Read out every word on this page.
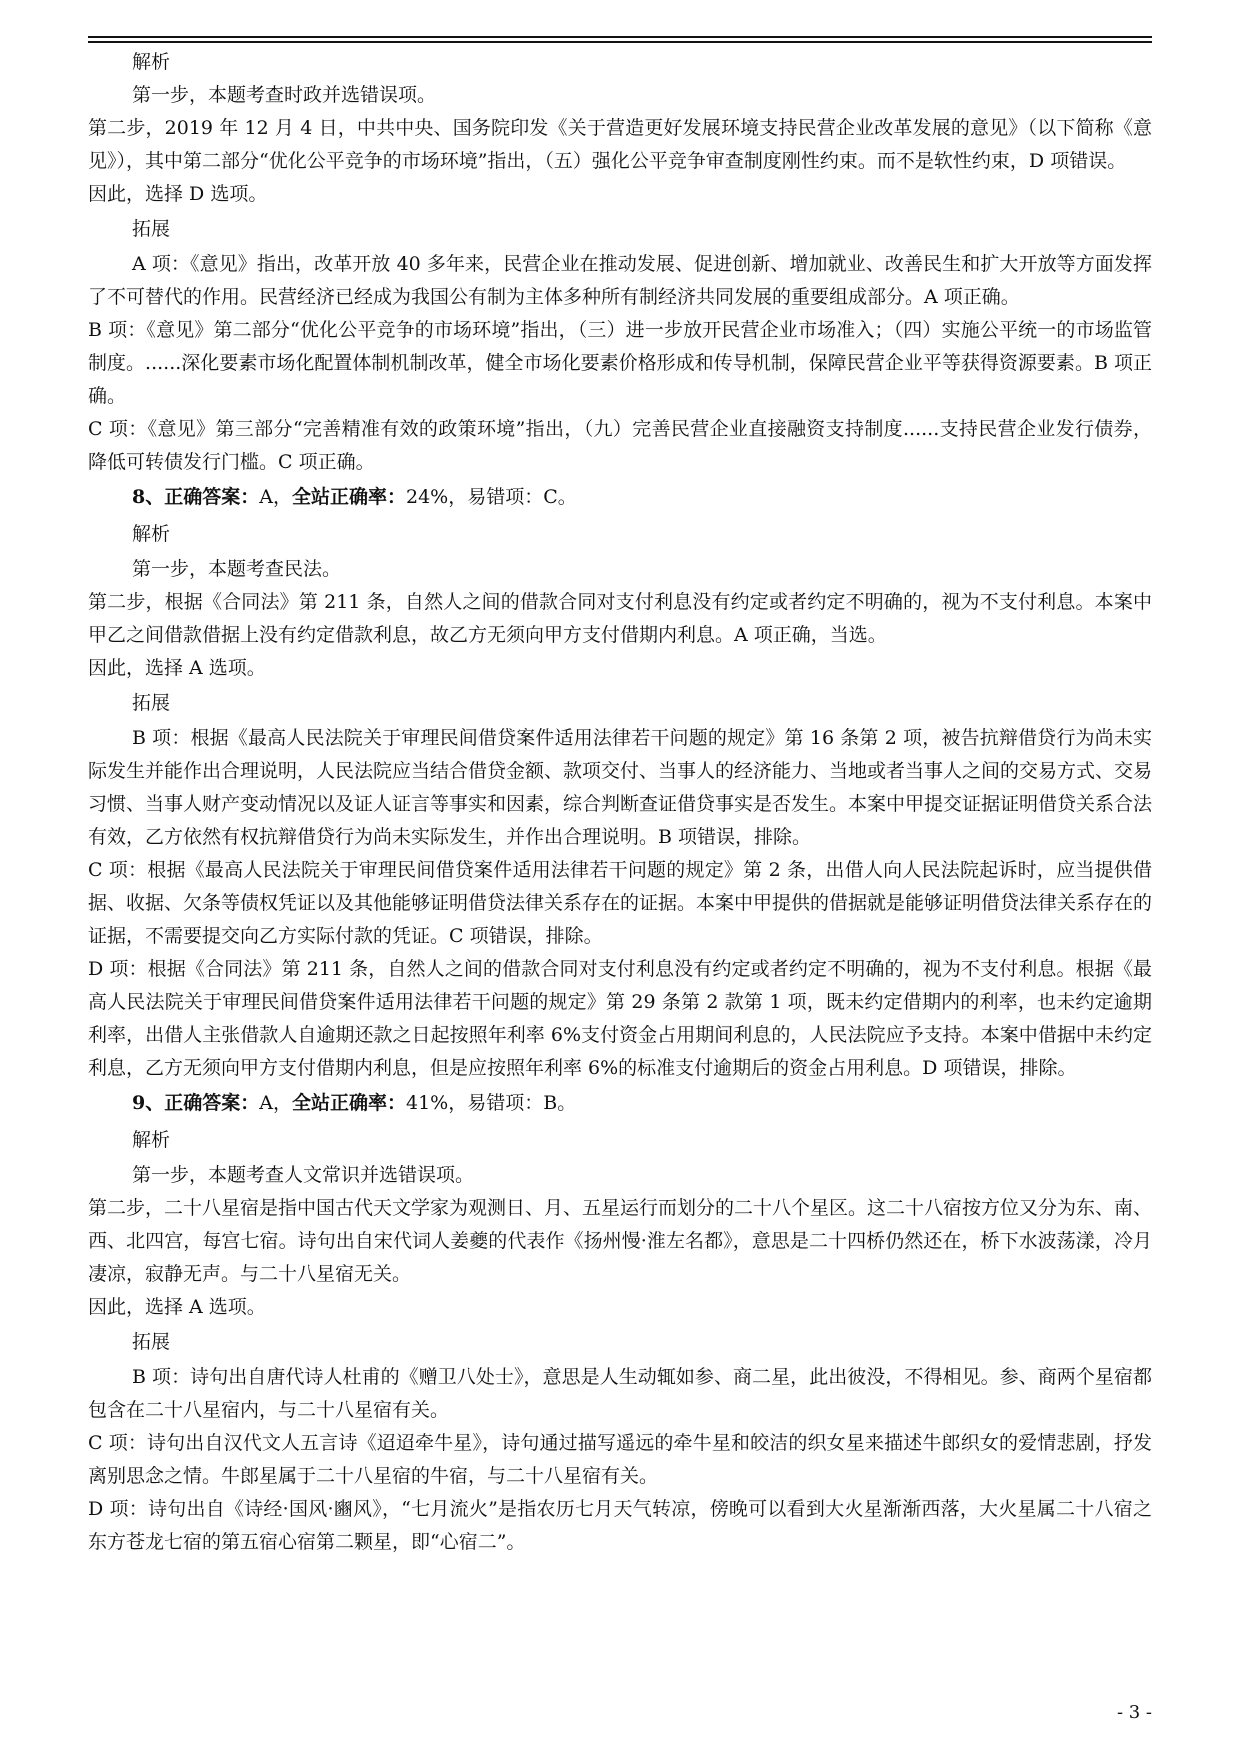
解析

第一步，本题考查时政并选错误项。

第二步，2019 年 12 月 4 日，中共中央、国务院印发《关于营造更好发展环境支持民营企业改革发展的意见》（以下简称《意见》），其中第二部分“优化公平竞争的市场环境”指出，（五）强化公平竞争审查制度刚性约束。而不是软性约束，D 项错误。

因此，选择 D 选项。

拓展

A 项：《意见》指出，改革开放 40 多年来，民营企业在推动发展、促进创新、增加就业、改善民生和扩大开放等方面发挥了不可替代的作用。民营经济已经成为我国公有制为主体多种所有制经济共同发展的重要组成部分。A 项正确。

B 项：《意见》第二部分“优化公平竞争的市场环境”指出，（三）进一步放开民营企业市场准入；（四）实施公平统一的市场监管制度。......深化要素市场化配置体制机制改革，健全市场化要素价格形成和传导机制，保障民营企业平等获得资源要素。B 项正确。

C 项：《意见》第三部分“完善精准有效的政策环境”指出，（九）完善民营企业直接融资支持制度......支持民营企业发行债券，降低可转债发行门槛。C 项正确。

8、正确答案：A，全站正确率：24%，易错项：C。

解析

第一步，本题考查民法。

第二步，根据《合同法》第 211 条，自然人之间的借款合同对支付利息没有约定或者约定不明确的，视为不支付利息。本案中甲乙之间借款借据上没有约定借款利息，故乙方无须向甲方支付借期内利息。A 项正确，当选。

因此，选择 A 选项。

拓展

B 项：根据《最高人民法院关于审理民间借贷案件适用法律若干问题的规定》第 16 条第 2 项，被告抗辩借贷行为尚未实际发生并能作出合理说明，人民法院应当结合借贷金额、款项交付、当事人的经济能力、当地或者当事人之间的交易方式、交易习惯、当事人财产变动情况以及证人证言等事实和因素，综合判断查证借贷事实是否发生。本案中甲提交证据证明借贷关系合法有效，乙方依然有权抗辩借贷行为尚未实际发生，并作出合理说明。B 项错误，排除。

C 项：根据《最高人民法院关于审理民间借贷案件适用法律若干问题的规定》第 2 条，出借人向人民法院起诉时，应当提供借据、收据、欠条等债权凭证以及其他能够证明借贷法律关系存在的证据。本案中甲提供的借据就是能够证明借贷法律关系存在的证据，不需要提交向乙方实际付款的凭证。C 项错误，排除。

D 项：根据《合同法》第 211 条，自然人之间的借款合同对支付利息没有约定或者约定不明确的，视为不支付利息。根据《最高人民法院关于审理民间借贷案件适用法律若干问题的规定》第 29 条第 2 款第 1 项，既未约定借期内的利率，也未约定逾期利率，出借人主张借款人自逾期还款之日起按照年利率 6%支付资金占用期间利息的，人民法院应予支持。本案中借据中未约定利息，乙方无须向甲方支付借期内利息，但是应按照年利率 6%的标准支付逾期后的资金占用利息。D 项错误，排除。

9、正确答案：A，全站正确率：41%，易错项：B。

解析

第一步，本题考查人文常识并选错误项。

第二步，二十八星宿是指中国古代天文学家为观测日、月、五星运行而划分的二十八个星区。这二十八宿按方位又分为东、南、西、北四宫，每宫七宿。诗句出自宋代词人姜夔的代表作《扬州慢·淮左名都》，意思是二十四桥仍然还在，桥下水波荡漾，冷月凄凉，寂静无声。与二十八星宿无关。

因此，选择 A 选项。

拓展

B 项：诗句出自唐代诗人杜甫的《赠卫八处士》，意思是人生动辄如参、商二星，此出彼没，不得相见。参、商两个星宿都包含在二十八星宿内，与二十八星宿有关。

C 项：诗句出自汉代文人五言诗《迢迢牵牛星》，诗句通过描写遥远的牵牛星和皎洁的织女星来描述牛郎织女的爱情悲剧，抒发离别思念之情。牛郎星属于二十八星宿的牛宿，与二十八星宿有关。

D 项：诗句出自《诗经·国风·豳风》，“七月流火”是指农历七月天气转凉，傍晚可以看到大火星渐渐西落，大火星属二十八宿之东方苍龙七宿的第五宿心宿第二颗星，即“心宿二”。

- 3 -
